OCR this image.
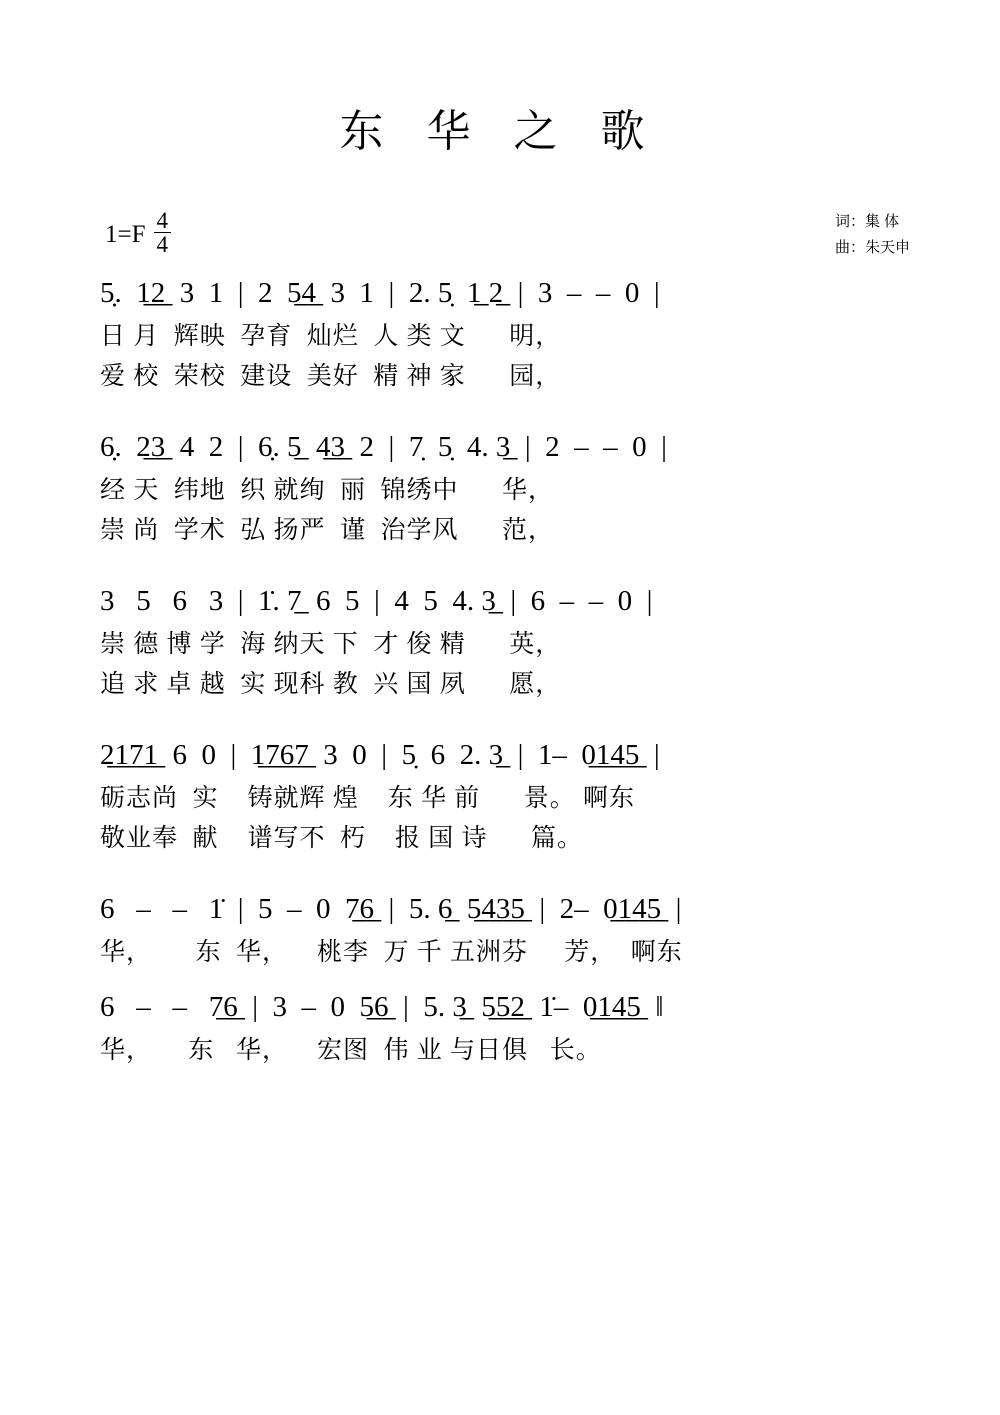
东 华 之 歌
$1=F \frac{4}{4}$	词：集 体
曲：朱天申
5̣.  1̲2̲  3  1  |  2  5̲4̲  3  1  |  2. 5̣  1̲ 2̲  |  3  –  –  0  |
日 月  辉映  孕育  灿烂  人 类 文      明，
爱 校  荣校  建设  美好  精 神 家      园，
6̣.  2̲3̲  4  2  |  6̣. 5̲  4̲3̲  2  |  7̣  5̣  4. 3̲  |  2  –  –  0  |
经 天  纬地  织 就绚  丽  锦绣中      华，
崇 尚  学术  弘 扬严  谨  治学风      范，
3   5   6   3  |  1̇. 7̲  6  5  |  4  5  4. 3̲  |  6  –  –  0  |
崇 德 博 学  海 纳天 下  才 俊 精      英，
追 求 卓 越  实 现科 教  兴 国 夙      愿，
2̲1̲7̲1̲  6  0  |  1̲7̲6̲7̲  3  0  |  5̣  6  2. 3̲  |  1–  0̲1̲4̲5̲  |
砺志尚  实    铸就辉 煌    东 华 前      景。 啊东
敬业奉  献    谱写不  朽    报 国 诗      篇。
6   –   –   1̇  |  5  –  0  7̲6̲  |  5. 6̲  5̲4̲3̲5̲  |  2–  0̲1̲4̲5̲  |
华，      东  华，    桃李  万 千 五洲芬     芳，  啊东
6   –   –   7̲6̲  |  3  –  0  5̲6̲  |  5. 3̲  5̲5̲2̲  1̇–  0̲1̲4̲5̲  ‖
华，     东   华，    宏图  伟 业 与日俱   长。
